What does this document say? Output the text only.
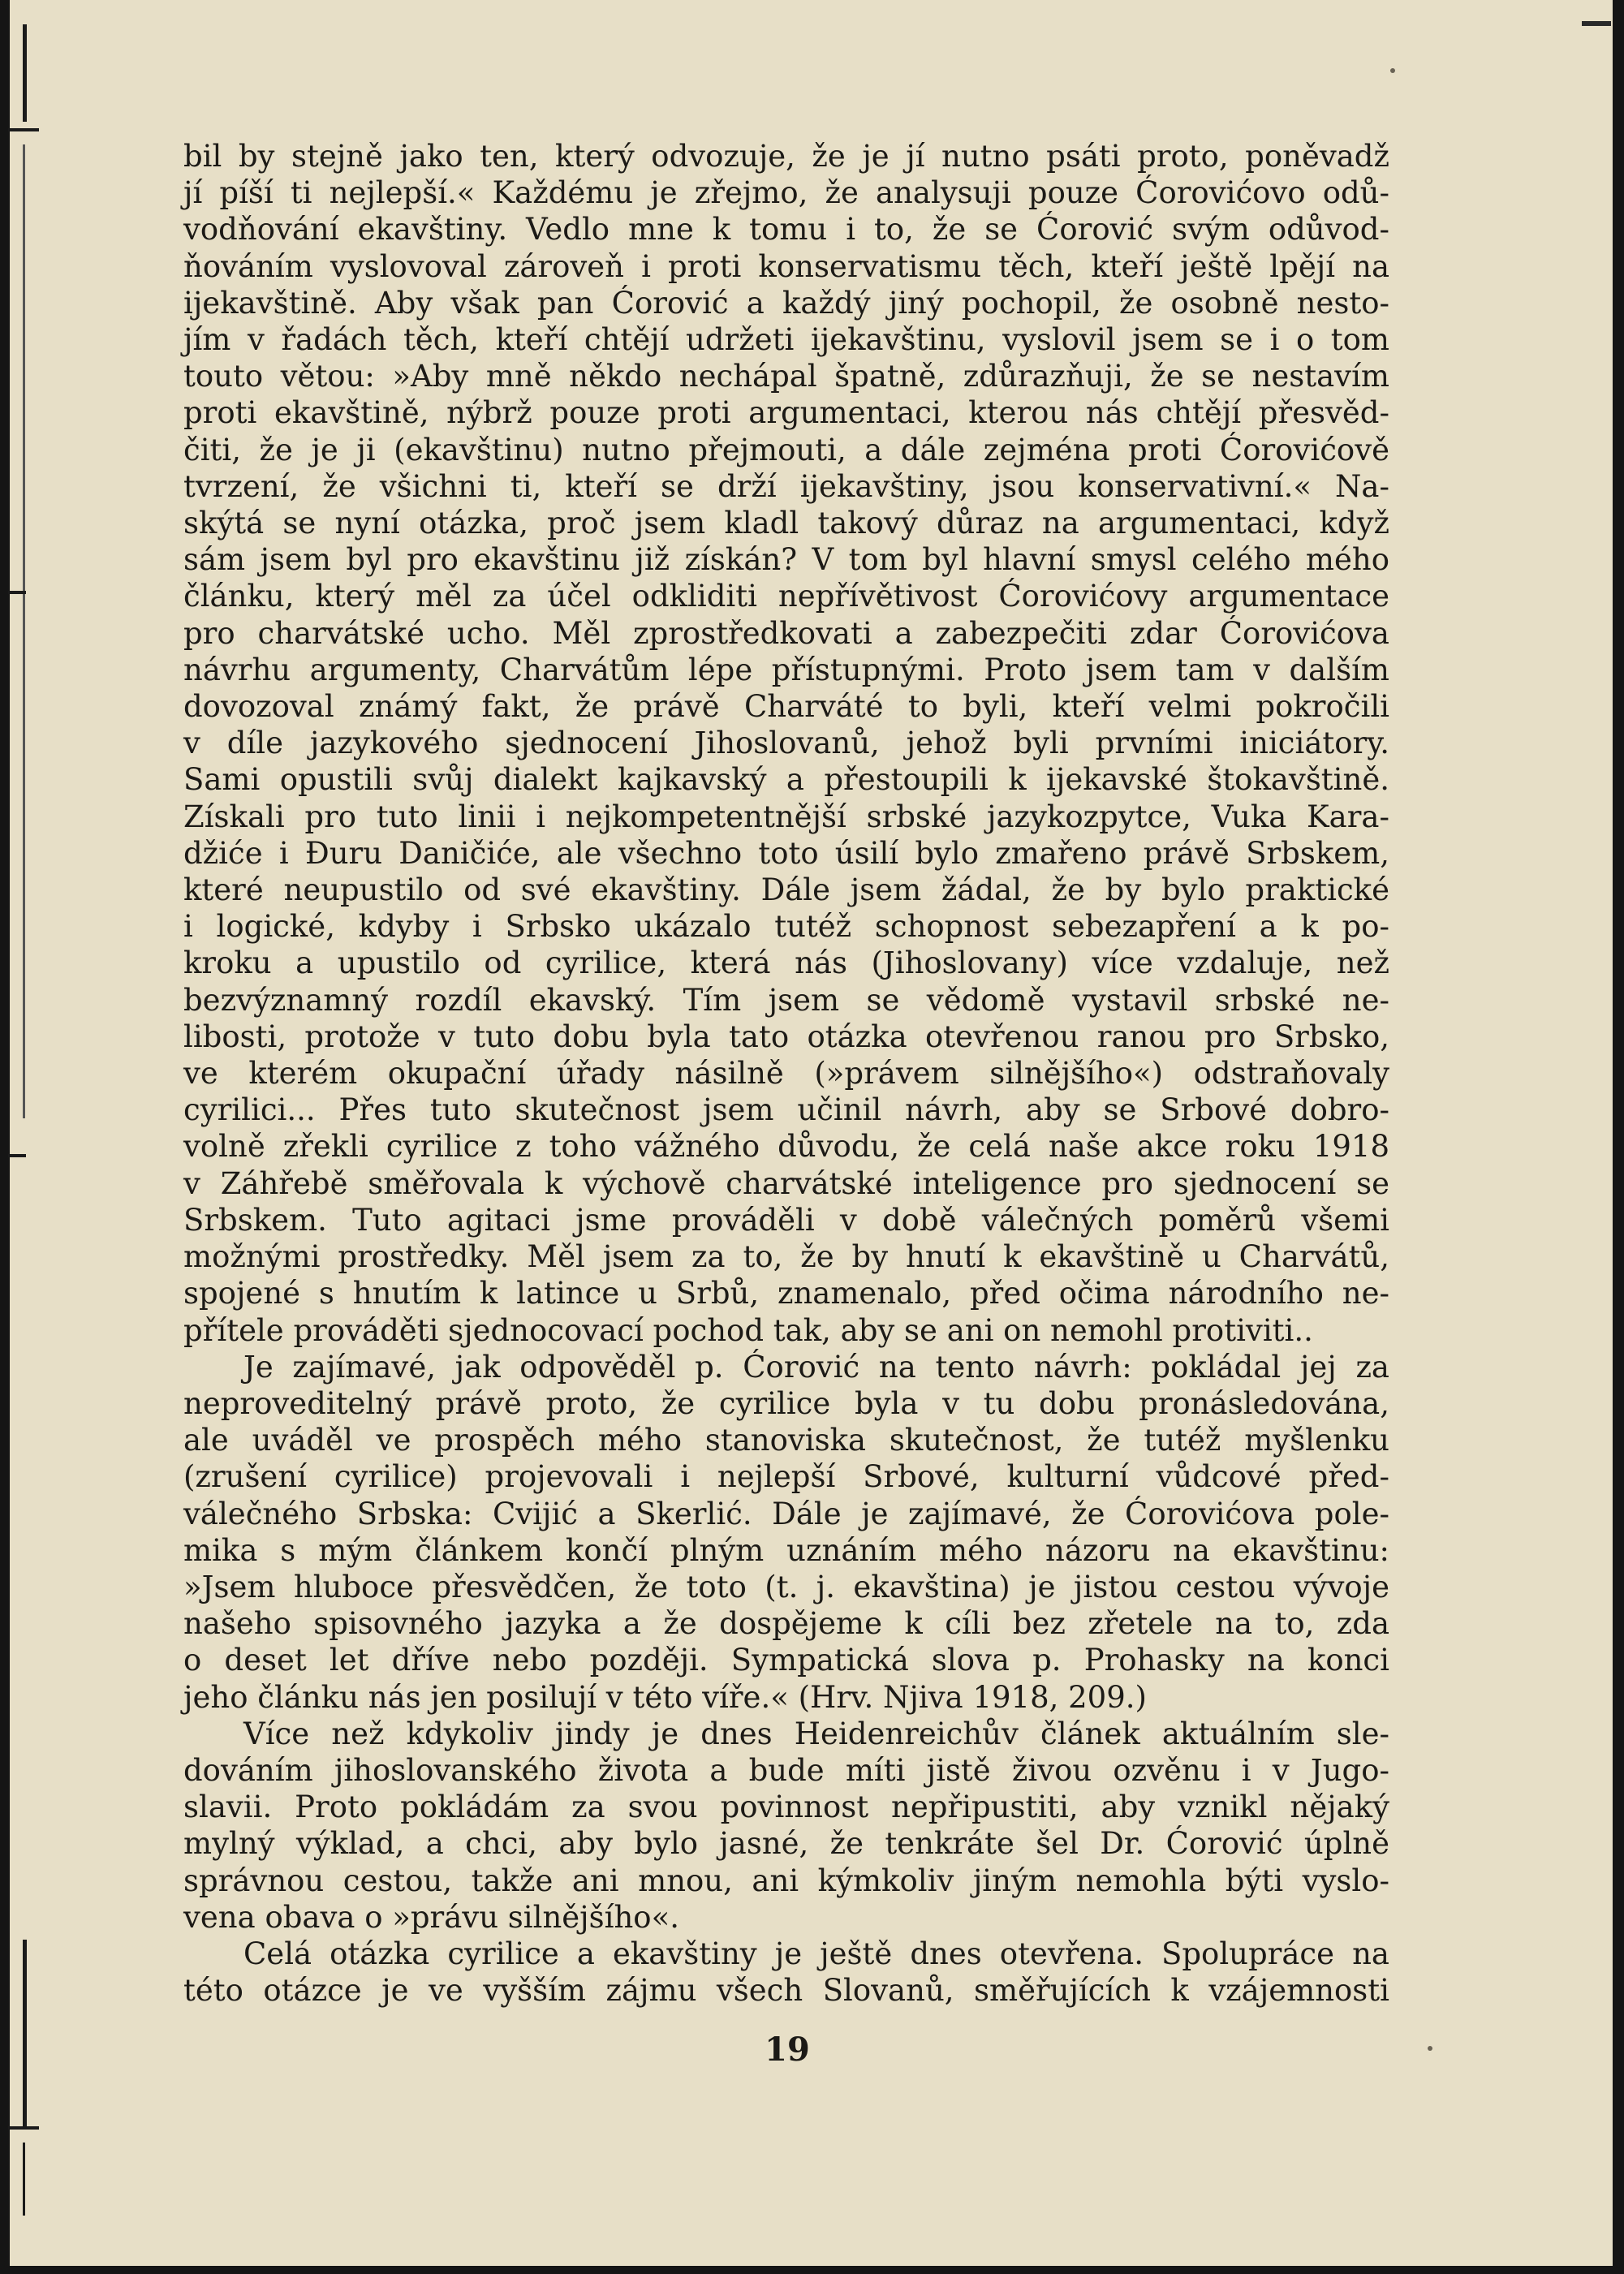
bil by stejně jako ten, který odvozuje, že je jí nutno psáti proto, poněvadž
jí píší ti nejlepší.« Každému je zřejmo, že analysuji pouze Ćorovićovo odů-
vodňování ekavštiny. Vedlo mne k tomu i to, že se Ćorović svým odůvod-
ňováním vyslovoval zároveň i proti konservatismu těch, kteří ještě lpějí na
ijekavštině. Aby však pan Ćorović a každý jiný pochopil, že osobně nesto-
jím v řadách těch, kteří chtějí udržeti ijekavštinu, vyslovil jsem se i o tom
touto větou: »Aby mně někdo nechápal špatně, zdůrazňuji, že se nestavím
proti ekavštině, nýbrž pouze proti argumentaci, kterou nás chtějí přesvěd-
čiti, že je ji (ekavštinu) nutno přejmouti, a dále zejména proti Ćorovićově
tvrzení, že všichni ti, kteří se drží ijekavštiny, jsou konservativní.« Na-
skýtá se nyní otázka, proč jsem kladl takový důraz na argumentaci, když
sám jsem byl pro ekavštinu již získán? V tom byl hlavní smysl celého mého
článku, který měl za účel odkliditi nepřívětivost Ćorovićovy argumentace
pro charvátské ucho. Měl zprostředkovati a zabezpečiti zdar Ćorovićova
návrhu argumenty, Charvátům lépe přístupnými. Proto jsem tam v dalším
dovozoval známý fakt, že právě Charváté to byli, kteří velmi pokročili
v díle jazykového sjednocení Jihoslovanů, jehož byli prvními iniciátory.
Sami opustili svůj dialekt kajkavský a přestoupili k ijekavské štokavštině.
Získali pro tuto linii i nejkompetentnější srbské jazykozpytce, Vuka Kara-
džiće i Đuru Daničiće, ale všechno toto úsilí bylo zmařeno právě Srbskem,
které neupustilo od své ekavštiny. Dále jsem žádal, že by bylo praktické
i logické, kdyby i Srbsko ukázalo tutéž schopnost sebezapření a k po-
kroku a upustilo od cyrilice, která nás (Jihoslovany) více vzdaluje, než
bezvýznamný rozdíl ekavský. Tím jsem se vědomě vystavil srbské ne-
libosti, protože v tuto dobu byla tato otázka otevřenou ranou pro Srbsko,
ve kterém okupační úřady násilně (»právem silnějšího«) odstraňovaly
cyrilici... Přes tuto skutečnost jsem učinil návrh, aby se Srbové dobro-
volně zřekli cyrilice z toho vážného důvodu, že celá naše akce roku 1918
v Záhřebě směřovala k výchově charvátské inteligence pro sjednocení se
Srbskem. Tuto agitaci jsme prováděli v době válečných poměrů všemi
možnými prostředky. Měl jsem za to, že by hnutí k ekavštině u Charvátů,
spojené s hnutím k latince u Srbů, znamenalo, před očima národního ne-
přítele prováděti sjednocovací pochod tak, aby se ani on nemohl protiviti..
Je zajímavé, jak odpověděl p. Ćorović na tento návrh: pokládal jej za
neproveditelný právě proto, že cyrilice byla v tu dobu pronásledována,
ale uváděl ve prospěch mého stanoviska skutečnost, že tutéž myšlenku
(zrušení cyrilice) projevovali i nejlepší Srbové, kulturní vůdcové před-
válečného Srbska: Cvijić a Skerlić. Dále je zajímavé, že Ćorovićova pole-
mika s mým článkem končí plným uznáním mého názoru na ekavštinu:
»Jsem hluboce přesvědčen, že toto (t. j. ekavština) je jistou cestou vývoje
našeho spisovného jazyka a že dospějeme k cíli bez zřetele na to, zda
o deset let dříve nebo později. Sympatická slova p. Prohasky na konci
jeho článku nás jen posilují v této víře.« (Hrv. Njiva 1918, 209.)
Více než kdykoliv jindy je dnes Heidenreichův článek aktuálním sle-
dováním jihoslovanského života a bude míti jistě živou ozvěnu i v Jugo-
slavii. Proto pokládám za svou povinnost nepřipustiti, aby vznikl nějaký
mylný výklad, a chci, aby bylo jasné, že tenkráte šel Dr. Ćorović úplně
správnou cestou, takže ani mnou, ani kýmkoliv jiným nemohla býti vyslo-
vena obava o »právu silnějšího«.
Celá otázka cyrilice a ekavštiny je ještě dnes otevřena. Spolupráce na
této otázce je ve vyšším zájmu všech Slovanů, směřujících k vzájemnosti
19
